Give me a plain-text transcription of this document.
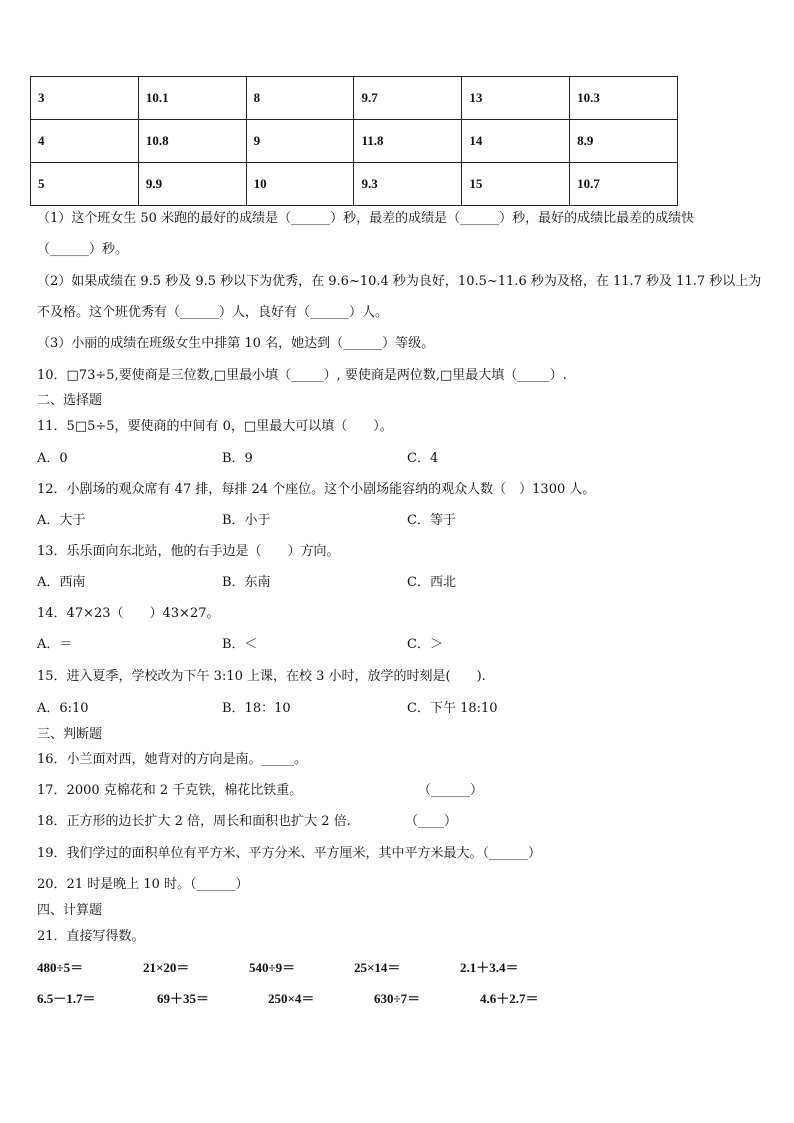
3	10.1	8	9.7	13	10.3
4	10.8	9	11.8	14	8.9
5	9.9	10	9.3	15	10.7
（1）这个班女生 50 米跑的最好的成绩是（______）秒，最差的成绩是（______）秒，最好的成绩比最差的成绩快
（______）秒。
（2）如果成绩在 9.5 秒及 9.5 秒以下为优秀，在 9.6~10.4 秒为良好，10.5~11.6 秒为及格，在 11.7 秒及 11.7 秒以上为
不及格。这个班优秀有（______）人，良好有（______）人。
（3）小丽的成绩在班级女生中排第 10 名，她达到（______）等级。
10．□73÷5,要使商是三位数,□里最小填（_____）, 要使商是两位数,□里最大填（_____）.
二、选择题
11．5□5÷5，要使商的中间有 0，□里最大可以填（　　）。
A．0	B．9	C．4
12．小剧场的观众席有 47 排，每排 24 个座位。这个小剧场能容纳的观众人数（　）1300 人。
A．大于	B．小于	C．等于
13．乐乐面向东北站，他的右手边是（　　）方向。
A．西南	B．东南	C．西北
14．47×23（　　）43×27。
A．＝	B．＜	C．＞
15．进入夏季，学校改为下午 3:10 上课，在校 3 小时，放学的时刻是(　　).
A．6:10	B．18：10	C．下午 18:10
三、判断题
16．小兰面对西，她背对的方向是南。_____。
17．2000 克棉花和 2 千克铁，棉花比铁重。	（______）
18．正方形的边长扩大 2 倍，周长和面积也扩大 2 倍.	（____）
19．我们学过的面积单位有平方米、平方分米、平方厘米，其中平方米最大。（______）
20．21 时是晚上 10 时。（______）
四、计算题
21．直接写得数。
480÷5＝	21×20＝	540÷9＝	25×14＝	2.1＋3.4＝
6.5－1.7＝	69＋35＝	250×4＝	630÷7＝	4.6＋2.7＝
